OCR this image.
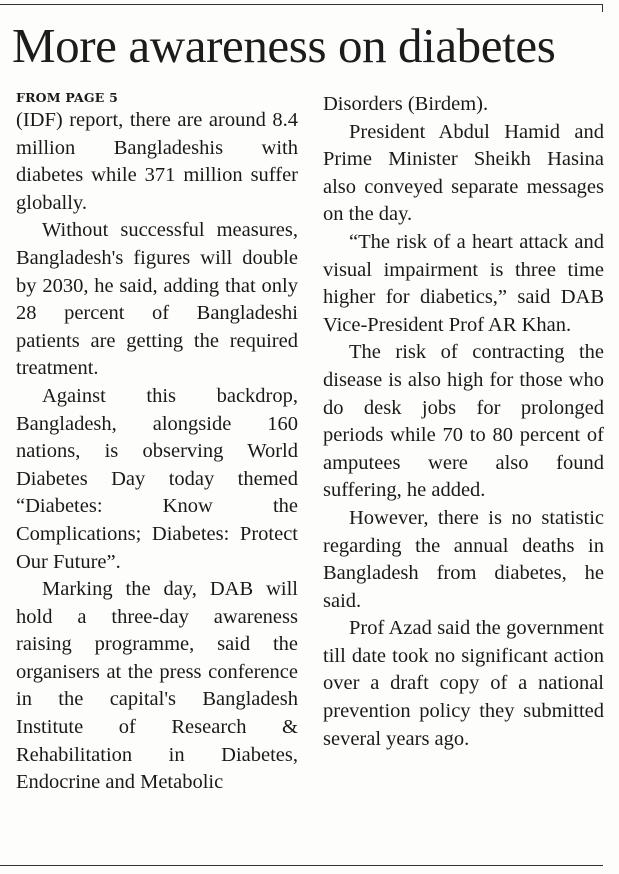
More awareness on diabetes
FROM PAGE 5

(IDF) report, there are around 8.4 million Bangladeshis with diabetes while 371 million suffer globally.

Without successful measures, Bangladesh's figures will double by 2030, he said, adding that only 28 percent of Bangladeshi patients are getting the required treatment.

Against this backdrop, Bangladesh, alongside 160 nations, is observing World Diabetes Day today themed “Diabetes: Know the Complications; Diabetes: Protect Our Future”.

Marking the day, DAB will hold a three-day awareness raising programme, said the organisers at the press conference in the capital's Bangladesh Institute of Research & Rehabilitation in Diabetes, Endocrine and Metabolic

Disorders (Birdem).

President Abdul Hamid and Prime Minister Sheikh Hasina also conveyed separate messages on the day.

“The risk of a heart attack and visual impairment is three time higher for diabetics,” said DAB Vice-President Prof AR Khan.

The risk of contracting the disease is also high for those who do desk jobs for prolonged periods while 70 to 80 percent of amputees were also found suffering, he added.

However, there is no statistic regarding the annual deaths in Bangladesh from diabetes, he said.

Prof Azad said the government till date took no significant action over a draft copy of a national prevention policy they submitted several years ago.
